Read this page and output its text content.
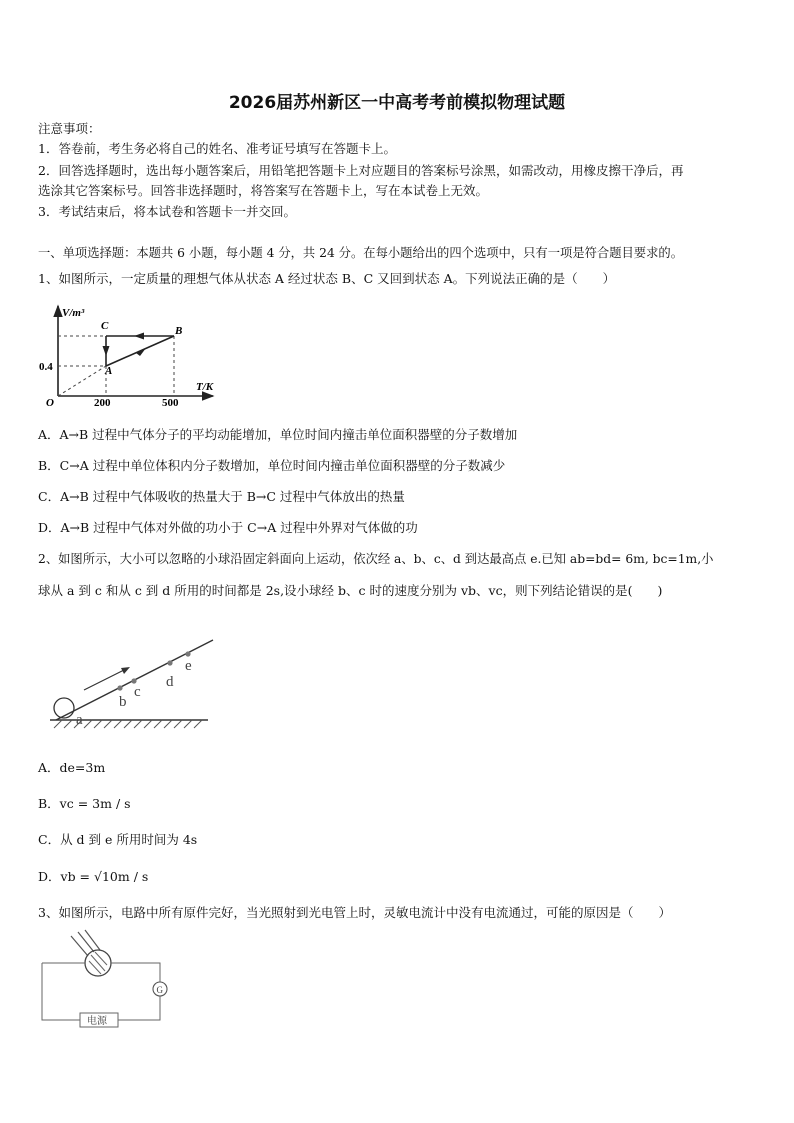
2026届苏州新区一中高考考前模拟物理试题
注意事项：
1．答卷前，考生务必将自己的姓名、准考证号填写在答题卡上。
2．回答选择题时，选出每小题答案后，用铅笔把答题卡上对应题目的答案标号涂黑，如需改动，用橡皮擦干净后，再
选涂其它答案标号。回答非选择题时，将答案写在答题卡上，写在本试卷上无效。
3．考试结束后，将本试卷和答题卡一并交回。
一、单项选择题：本题共 6 小题，每小题 4 分，共 24 分。在每小题给出的四个选项中，只有一项是符合题目要求的。
1、如图所示，一定质量的理想气体从状态 A 经过状态 B、C 又回到状态 A。下列说法正确的是（　　）
V/m³
T/K
O
0.4
200	500
A
B
C
A．A→B 过程中气体分子的平均动能增加，单位时间内撞击单位面积器壁的分子数增加
B．C→A 过程中单位体积内分子数增加，单位时间内撞击单位面积器壁的分子数减少
C．A→B 过程中气体吸收的热量大于 B→C 过程中气体放出的热量
D．A→B 过程中气体对外做的功小于 C→A 过程中外界对气体做的功
2、如图所示，大小可以忽略的小球沿固定斜面向上运动，依次经 a、b、c、d 到达最高点 e.已知 ab=bd= 6m, bc=1m,小
球从 a 到 c 和从 c 到 d 所用的时间都是 2s,设小球经 b、c 时的速度分别为 vb、vc，则下列结论错误的是(　　)
a
b
c
d
e
A．de=3m
B．vc = 3m / s
C．从 d 到 e 所用时间为 4s
D．vb = √10m / s
3、如图所示，电路中所有原件完好，当光照射到光电管上时，灵敏电流计中没有电流通过，可能的原因是（　　）
G
电源
